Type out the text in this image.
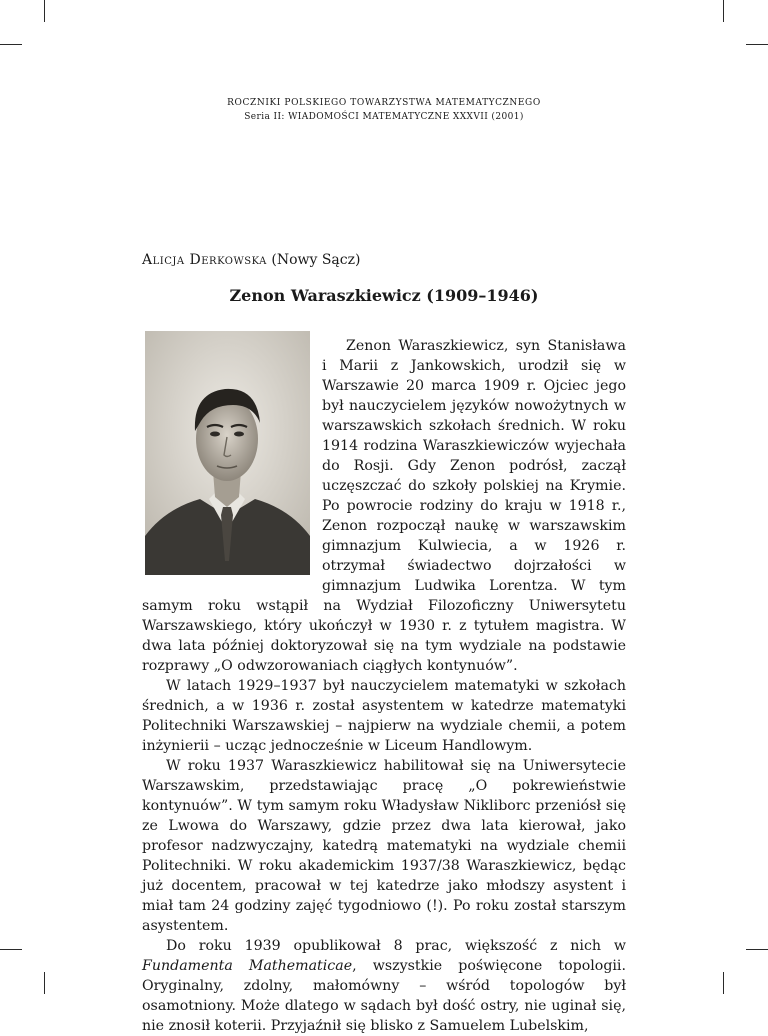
ROCZNIKI POLSKIEGO TOWARZYSTWA MATEMATYCZNEGO
Seria II: WIADOMOŚCI MATEMATYCZNE XXXVII (2001)
Alicja Derkowska (Nowy Sącz)
Zenon Waraszkiewicz (1909–1946)

Zenon Waraszkiewicz, syn Stanisława i Marii z Jankowskich, urodził się w Warszawie 20 marca 1909 r. Ojciec jego był nauczycielem języków nowożytnych w warszawskich szkołach średnich. W roku 1914 rodzina Waraszkiewiczów wyjechała do Rosji. Gdy Zenon podrósł, zaczął uczęszczać do szkoły polskiej na Krymie. Po powrocie rodziny do kraju w 1918 r., Zenon rozpoczął naukę w warszawskim gimnazjum Kulwiecia, a w 1926 r. otrzymał świadectwo dojrzałości w gimnazjum Ludwika Lorentza. W tym samym roku wstąpił na Wydział Filozoficzny Uniwersytetu Warszawskiego, który ukończył w 1930 r. z tytułem magistra. W dwa lata później doktoryzował się na tym wydziale na podstawie rozprawy „O odwzorowaniach ciągłych kontynuów”.

W latach 1929–1937 był nauczycielem matematyki w szkołach średnich, a w 1936 r. został asystentem w katedrze matematyki Politechniki Warszawskiej – najpierw na wydziale chemii, a potem inżynierii – ucząc jednocześnie w Liceum Handlowym.

W roku 1937 Waraszkiewicz habilitował się na Uniwersytecie Warszawskim, przedstawiając pracę „O pokrewieństwie kontynuów”. W tym samym roku Władysław Nikliborc przeniósł się ze Lwowa do Warszawy, gdzie przez dwa lata kierował, jako profesor nadzwyczajny, katedrą matematyki na wydziale chemii Politechniki. W roku akademickim 1937/38 Waraszkiewicz, będąc już docentem, pracował w tej katedrze jako młodszy asystent i miał tam 24 godziny zajęć tygodniowo (!). Po roku został starszym asystentem.

Do roku 1939 opublikował 8 prac, większość z nich w Fundamenta Mathematicae, wszystkie poświęcone topologii. Oryginalny, zdolny, małomówny – wśród topologów był osamotniony. Może dlatego w sądach był dość ostry, nie uginał się, nie znosił koterii. Przyjaźnił się blisko z Samuelem Lubelskim,
